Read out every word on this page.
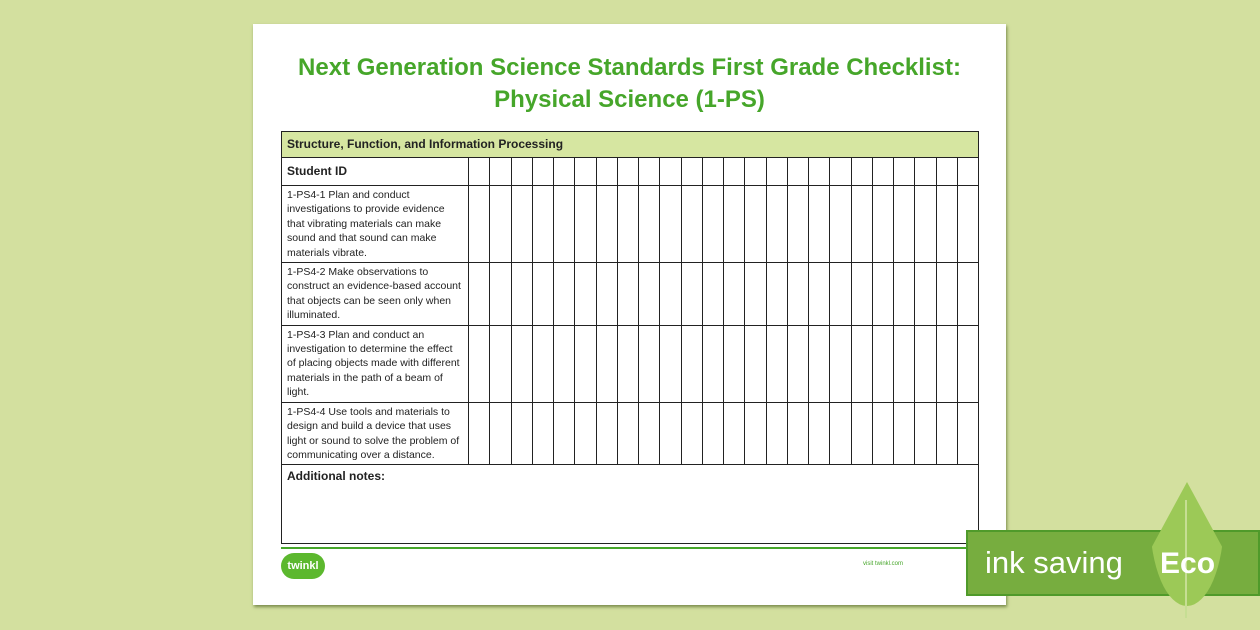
Next Generation Science Standards First Grade Checklist:
Physical Science (1-PS)
Structure, Function, and Information Processing																								
Student ID																								
1-PS4-1 Plan and conduct investigations to provide evidence that vibrating materials can make sound and that sound can make materials vibrate.																								
1-PS4-2 Make observations to construct an evidence-based account that objects can be seen only when illuminated.																								
1-PS4-3 Plan and conduct an investigation to determine the effect of placing objects made with different materials in the path of a beam of light.																								
1-PS4-4 Use tools and materials to design and build a device that uses light or sound to solve the problem of communicating over a distance.																								
Additional notes:																								
twinkl	visit twinkl.com	ink saving Eco
